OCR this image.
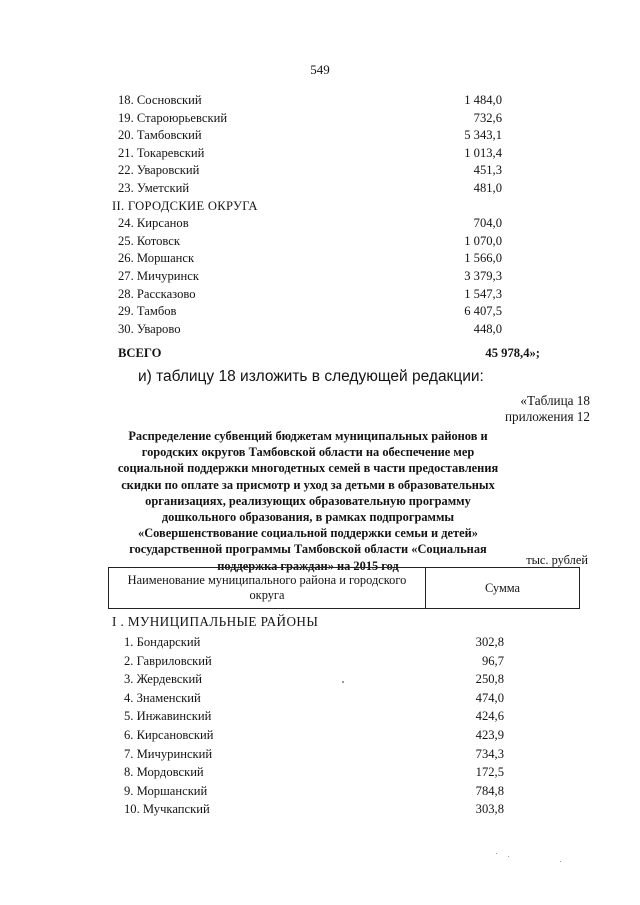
549
18. Сосновский	1 484,0
19. Староюрьевский	732,6
20. Тамбовский	5 343,1
21. Токаревский	1 013,4
22. Уваровский	451,3
23. Уметский	481,0
II. ГОРОДСКИЕ ОКРУГА
24. Кирсанов	704,0
25. Котовск	1 070,0
26. Моршанск	1 566,0
27. Мичуринск	3 379,3
28. Рассказово	1 547,3
29. Тамбов	6 407,5
30. Уварово	448,0
ВСЕГО	45 978,4»;
и) таблицу 18 изложить в следующей редакции:
«Таблица 18
приложения 12
Распределение субвенций бюджетам муниципальных районов и городских округов Тамбовской области на обеспечение мер социальной поддержки многодетных семей в части предоставления скидки по оплате за присмотр и уход за детьми в образовательных организациях, реализующих образовательную программу дошкольного образования, в рамках подпрограммы «Совершенствование социальной поддержки семьи и детей» государственной программы Тамбовской области «Социальная поддержка граждан» на 2015 год	тыс. рублей
Наименование муниципального района и городского округа
Сумма
I . МУНИЦИПАЛЬНЫЕ РАЙОНЫ
1. Бондарский	302,8
2. Гавриловский	96,7
3. Жердевский	250,8
4. Знаменский	474,0
5. Инжавинский	424,6
6. Кирсановский	423,9
7. Мичуринский	734,3
8. Мордовский	172,5
9. Моршанский	784,8
10. Мучкапский	303,8
